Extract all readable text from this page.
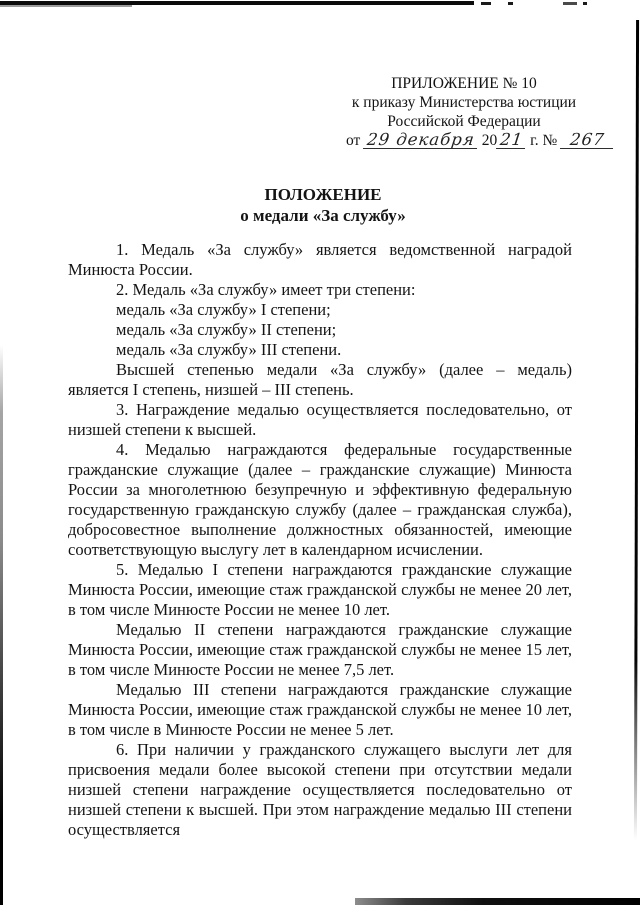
ПРИЛОЖЕНИЕ № 10
к приказу Министерства юстиции
Российской Федерации
от 29 декабря 20 21 г. № 267
ПОЛОЖЕНИЕ
о медали «За службу»

1. Медаль «За службу» является ведомственной наградой Минюста России.

2. Медаль «За службу» имеет три степени:

медаль «За службу» I степени;

медаль «За службу» II степени;

медаль «За службу» III степени.

Высшей степенью медали «За службу» (далее – медаль) является I степень, низшей – III степень.

3. Награждение медалью осуществляется последовательно, от низшей степени к высшей.

4. Медалью награждаются федеральные государственные гражданские служащие (далее – гражданские служащие) Минюста России за многолетнюю безупречную и эффективную федеральную государственную гражданскую службу (далее – гражданская служба), добросовестное выполнение должностных обязанностей, имеющие соответствующую выслугу лет в календарном исчислении.

5. Медалью I степени награждаются гражданские служащие Минюста России, имеющие стаж гражданской службы не менее 20 лет, в том числе Минюсте России не менее 10 лет.

Медалью II степени награждаются гражданские служащие Минюста России, имеющие стаж гражданской службы не менее 15 лет, в том числе Минюсте России не менее 7,5 лет.

Медалью III степени награждаются гражданские служащие Минюста России, имеющие стаж гражданской службы не менее 10 лет, в том числе в Минюсте России не менее 5 лет.

6. При наличии у гражданского служащего выслуги лет для присвоения медали более высокой степени при отсутствии медали низшей степени награждение осуществляется последовательно от низшей степени к высшей. При этом награждение медалью III степени осуществляется
